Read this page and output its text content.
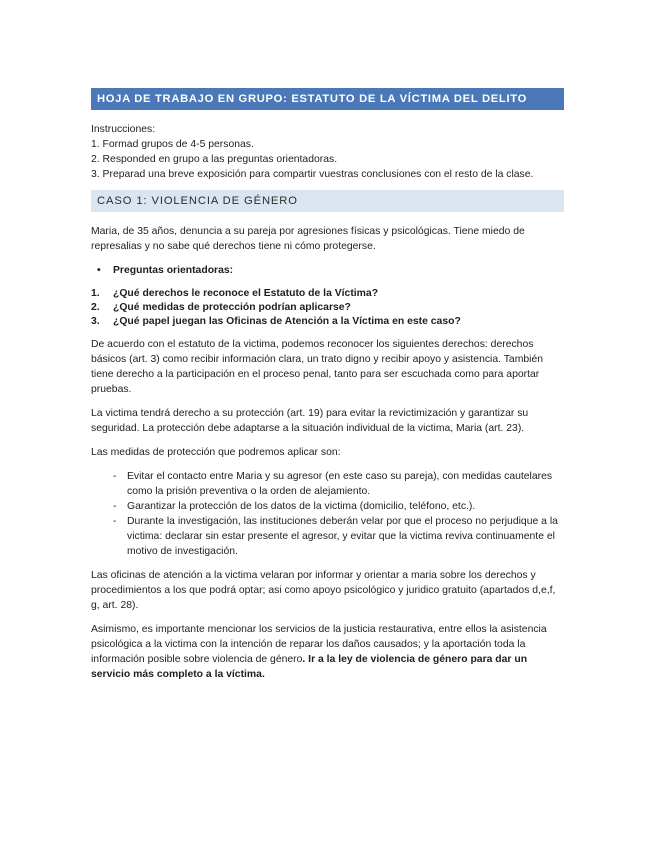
HOJA DE TRABAJO EN GRUPO: ESTATUTO DE LA VÍCTIMA DEL DELITO
Instrucciones:
1. Formad grupos de 4-5 personas.
2. Responded en grupo a las preguntas orientadoras.
3. Preparad una breve exposición para compartir vuestras conclusiones con el resto de la clase.
CASO 1: VIOLENCIA DE GÉNERO

Maria, de 35 años, denuncia a su pareja por agresiones físicas y psicológicas. Tiene miedo de represalias y no sabe qué derechos tiene ni cómo protegerse.

•	Preguntas orientadoras:
1.	¿Qué derechos le reconoce el Estatuto de la Víctima?
2.	¿Qué medidas de protección podrían aplicarse?
3.	¿Qué papel juegan las Oficinas de Atención a la Víctima en este caso?

De acuerdo con el estatuto de la victima, podemos reconocer los siguientes derechos: derechos básicos (art. 3) como recibir información clara, un trato digno y recibir apoyo y asistencia. También tiene derecho a la participación en el proceso penal, tanto para ser escuchada como para aportar pruebas.

La victima tendrá derecho a su protección (art. 19) para evitar la revictimización y garantizar su seguridad. La protección debe adaptarse a la situación individual de la victima, Maria (art. 23).

Las medidas de protección que podremos aplicar son:

-	Evitar el contacto entre Maria y su agresor (en este caso su pareja), con medidas cautelares como la prisión preventiva o la orden de alejamiento.
-	Garantizar la protección de los datos de la victima (domicilio, teléfono, etc.).
-	Durante la investigación, las instituciones deberán velar por que el proceso no perjudique a la victima: declarar sin estar presente el agresor, y evitar que la victima reviva continuamente el motivo de investigación.

Las oficinas de atención a la victima velaran por informar y orientar a maria sobre los derechos y procedimientos a los que podrá optar; asi como apoyo psicológico y juridico gratuito (apartados d,e,f, g, art. 28).

Asimismo, es importante mencionar los servicios de la justicia restaurativa, entre ellos la asistencia psicológica a la victima con la intención de reparar los daños causados; y la aportación toda la información posible sobre violencia de género. Ir a la ley de violencia de género para dar un servicio más completo a la víctima.
